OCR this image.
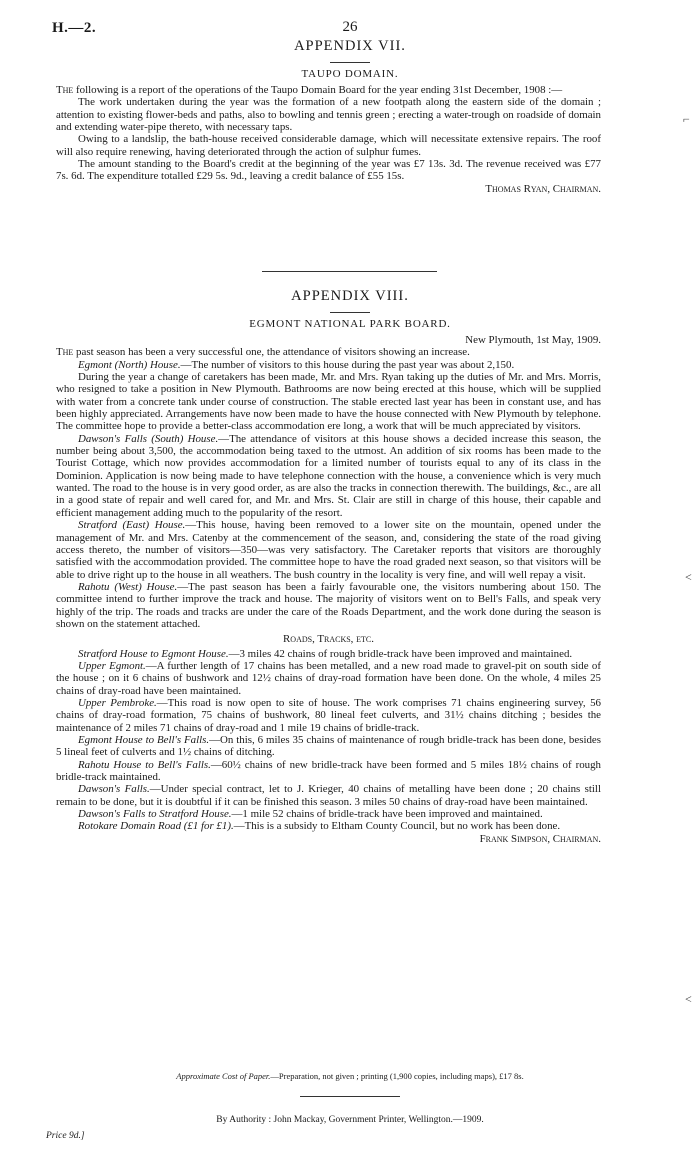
H.—2.	26
APPENDIX VII.
TAUPO DOMAIN.

The following is a report of the operations of the Taupo Domain Board for the year ending 31st December, 1908 :—

The work undertaken during the year was the formation of a new footpath along the eastern side of the domain ; attention to existing flower-beds and paths, also to bowling and tennis green ; erecting a water-trough on roadside of domain and extending water-pipe thereto, with necessary taps.

Owing to a landslip, the bath-house received considerable damage, which will necessitate extensive repairs. The roof will also require renewing, having deteriorated through the action of sulphur fumes.

The amount standing to the Board's credit at the beginning of the year was £7 13s. 3d. The revenue received was £77 7s. 6d. The expenditure totalled £29 5s. 9d., leaving a credit balance of £55 15s.

Thomas Ryan, Chairman.
APPENDIX VIII.
EGMONT NATIONAL PARK BOARD.
New Plymouth, 1st May, 1909.

The past season has been a very successful one, the attendance of visitors showing an increase.

Egmont (North) House.—The number of visitors to this house during the past year was about 2,150.

During the year a change of caretakers has been made, Mr. and Mrs. Ryan taking up the duties of Mr. and Mrs. Morris, who resigned to take a position in New Plymouth. Bathrooms are now being erected at this house, which will be supplied with water from a concrete tank under course of construction. The stable erected last year has been in constant use, and has been highly appreciated. Arrangements have now been made to have the house connected with New Plymouth by telephone. The committee hope to provide a better-class accommodation ere long, a work that will be much appreciated by visitors.

Dawson's Falls (South) House.—The attendance of visitors at this house shows a decided increase this season, the number being about 3,500, the accommodation being taxed to the utmost. An addition of six rooms has been made to the Tourist Cottage, which now provides accommodation for a limited number of tourists equal to any of its class in the Dominion. Application is now being made to have telephone connection with the house, a convenience which is very much wanted. The road to the house is in very good order, as are also the tracks in connection therewith. The buildings, &c., are all in a good state of repair and well cared for, and Mr. and Mrs. St. Clair are still in charge of this house, their capable and efficient management adding much to the popularity of the resort.

Stratford (East) House.—This house, having been removed to a lower site on the mountain, opened under the management of Mr. and Mrs. Catenby at the commencement of the season, and, considering the state of the road giving access thereto, the number of visitors—350—was very satisfactory. The Caretaker reports that visitors are thoroughly satisfied with the accommodation provided. The committee hope to have the road graded next season, so that visitors will be able to drive right up to the house in all weathers. The bush country in the locality is very fine, and will well repay a visit.

Rahotu (West) House.—The past season has been a fairly favourable one, the visitors numbering about 150. The committee intend to further improve the track and house. The majority of visitors went on to Bell's Falls, and speak very highly of the trip. The roads and tracks are under the care of the Roads Department, and the work done during the season is shown on the statement attached.

Roads, Tracks, etc.

Stratford House to Egmont House.—3 miles 42 chains of rough bridle-track have been improved and maintained.

Upper Egmont.—A further length of 17 chains has been metalled, and a new road made to gravel-pit on south side of the house ; on it 6 chains of bushwork and 12½ chains of dray-road formation have been done. On the whole, 4 miles 25 chains of dray-road have been maintained.

Upper Pembroke.—This road is now open to site of house. The work comprises 71 chains engineering survey, 56 chains of dray-road formation, 75 chains of bushwork, 80 lineal feet culverts, and 31½ chains ditching ; besides the maintenance of 2 miles 71 chains of dray-road and 1 mile 19 chains of bridle-track.

Egmont House to Bell's Falls.—On this, 6 miles 35 chains of maintenance of rough bridle-track has been done, besides 5 lineal feet of culverts and 1½ chains of ditching.

Rahotu House to Bell's Falls.—60½ chains of new bridle-track have been formed and 5 miles 18½ chains of rough bridle-track maintained.

Dawson's Falls.—Under special contract, let to J. Krieger, 40 chains of metalling have been done ; 20 chains still remain to be done, but it is doubtful if it can be finished this season. 3 miles 50 chains of dray-road have been maintained.

Dawson's Falls to Stratford House.—1 mile 52 chains of bridle-track have been improved and maintained.

Rotokare Domain Road (£1 for £1).—This is a subsidy to Eltham County Council, but no work has been done.

Frank Simpson, Chairman.
⌐
˂
˂
Approximate Cost of Paper.—Preparation, not given ; printing (1,900 copies, including maps), £17 8s.
By Authority : John Mackay, Government Printer, Wellington.—1909.
Price 9d.]
